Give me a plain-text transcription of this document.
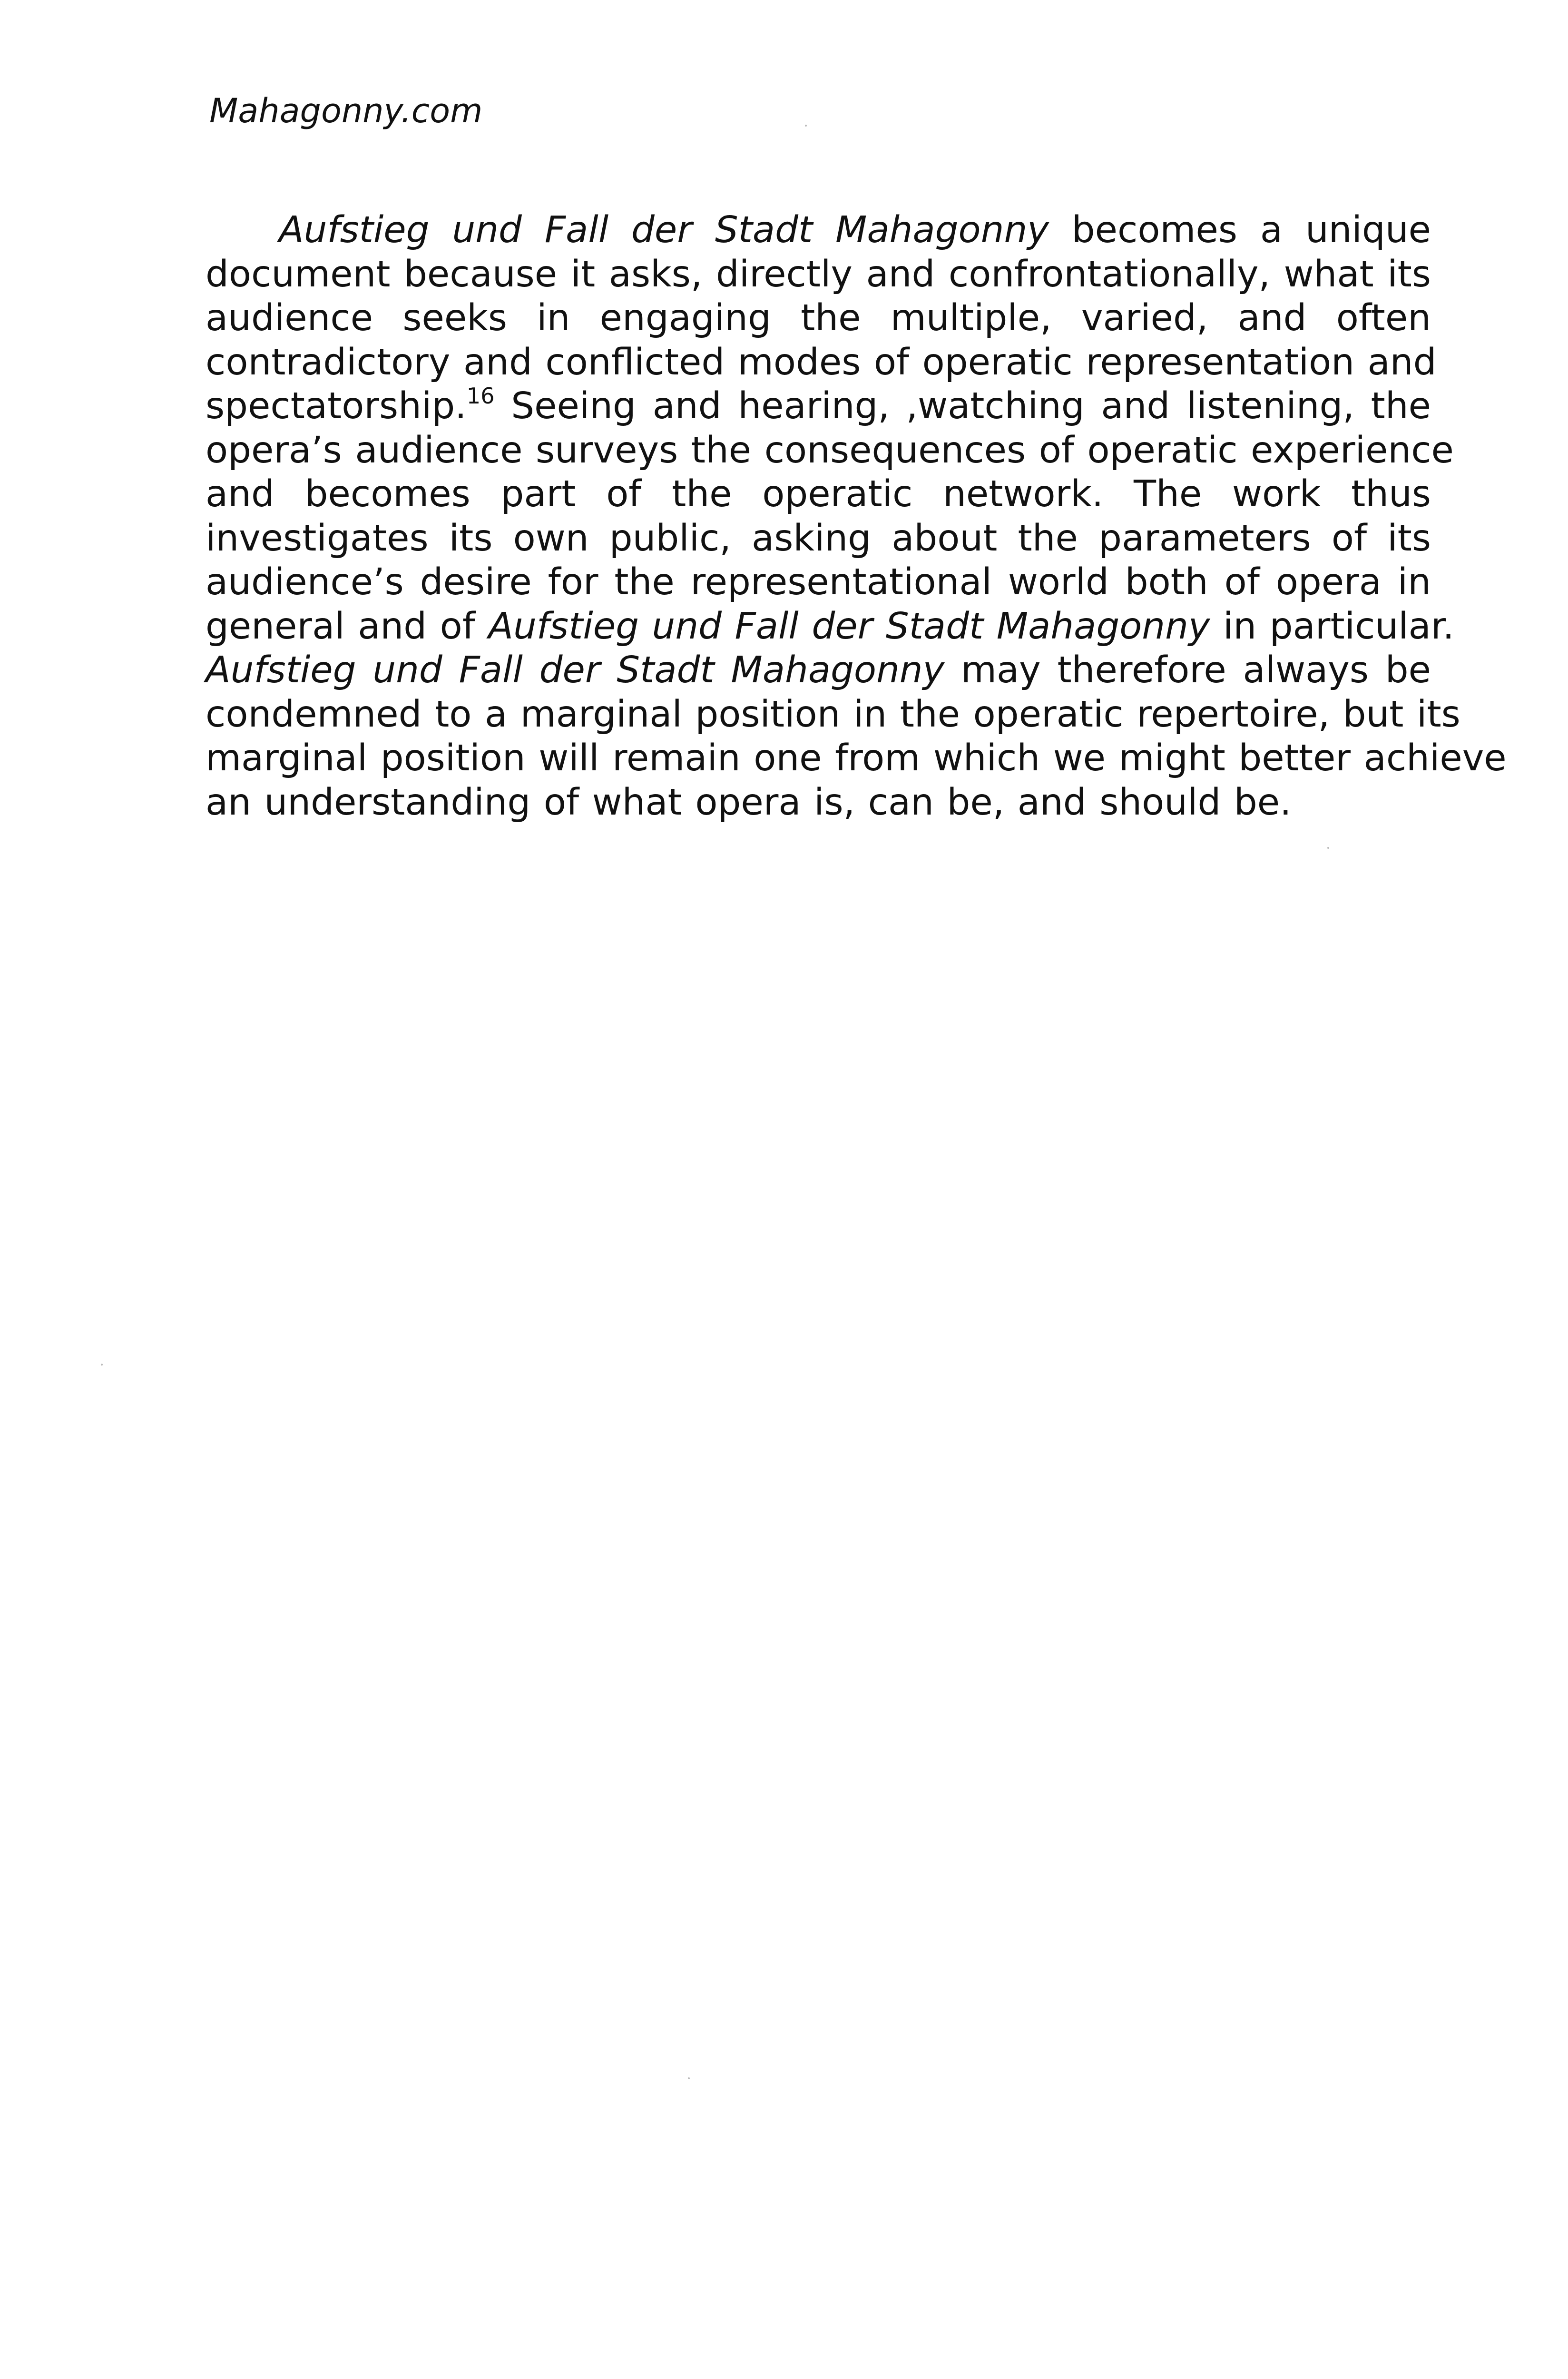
Mahagonny.com
Aufstieg und Fall der Stadt Mahagonny becomes a unique
document because it asks, directly and confrontationally, what its
audience seeks in engaging the multiple, varied, and often
contradictory and conflicted modes of operatic representation and
spectatorship.$^{16}$ Seeing and hearing, ,watching and listening, the
opera’s audience surveys the consequences of operatic experience
and becomes part of the operatic network. The work thus
investigates its own public, asking about the parameters of its
audience’s desire for the representational world both of opera in
general and of Aufstieg und Fall der Stadt Mahagonny in particular.
Aufstieg und Fall der Stadt Mahagonny may therefore always be
condemned to a marginal position in the operatic repertoire, but its
marginal position will remain one from which we might better achieve
an understanding of what opera is, can be, and should be.
